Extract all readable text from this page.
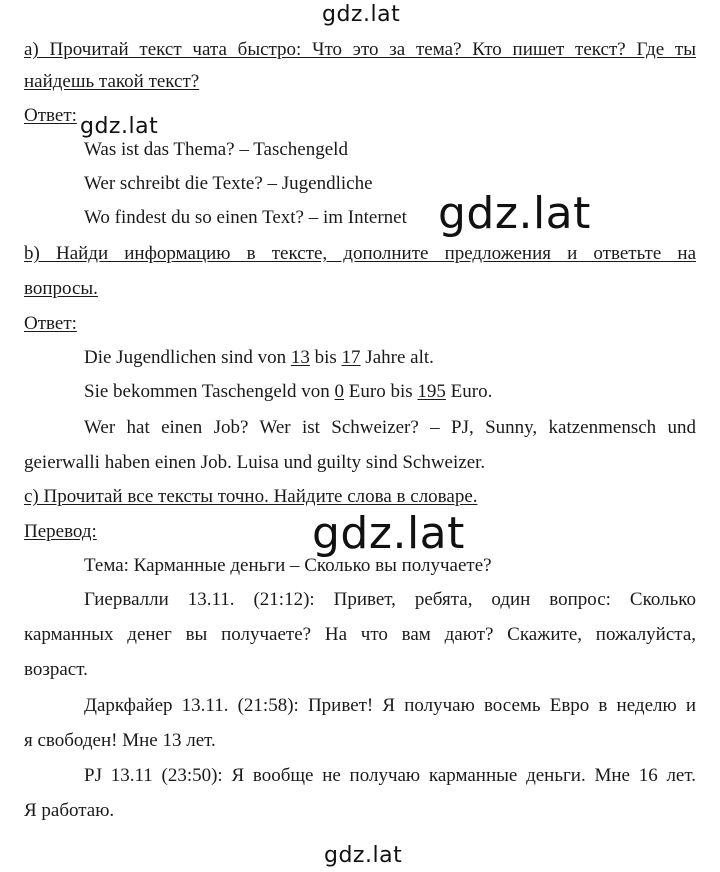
gdz.lat
а) Прочитай текст чата быстро: Что это за тема? Кто пишет текст? Где ты
найдешь такой текст?
Ответ: gdz.lat
Was ist das Thema? – Taschengeld
Wer schreibt die Texte? – Jugendliche
Wo findest du so einen Text? – im Internet gdz.lat
b) Найди информацию в тексте, дополните предложения и ответьте на
вопросы.
Ответ:
Die Jugendlichen sind von 13 bis 17 Jahre alt.
Sie bekommen Taschengeld von 0 Euro bis 195 Euro.
Wer hat einen Job? Wer ist Schweizer? – PJ, Sunny, katzenmensch und
geierwalli haben einen Job. Luisa und guilty sind Schweizer.
с) Прочитай все тексты точно. Найдите слова в словаре.
Перевод:	gdz.lat
Тема: Карманные деньги – Сколько вы получаете?
Гиервалли 13.11. (21:12): Привет, ребята, один вопрос: Сколько
карманных денег вы получаете? На что вам дают? Скажите, пожалуйста,
возраст.
Даркфайер 13.11. (21:58): Привет! Я получаю восемь Евро в неделю и
я свободен! Мне 13 лет.
PJ 13.11 (23:50): Я вообще не получаю карманные деньги. Мне 16 лет.
Я работаю.
gdz.lat
